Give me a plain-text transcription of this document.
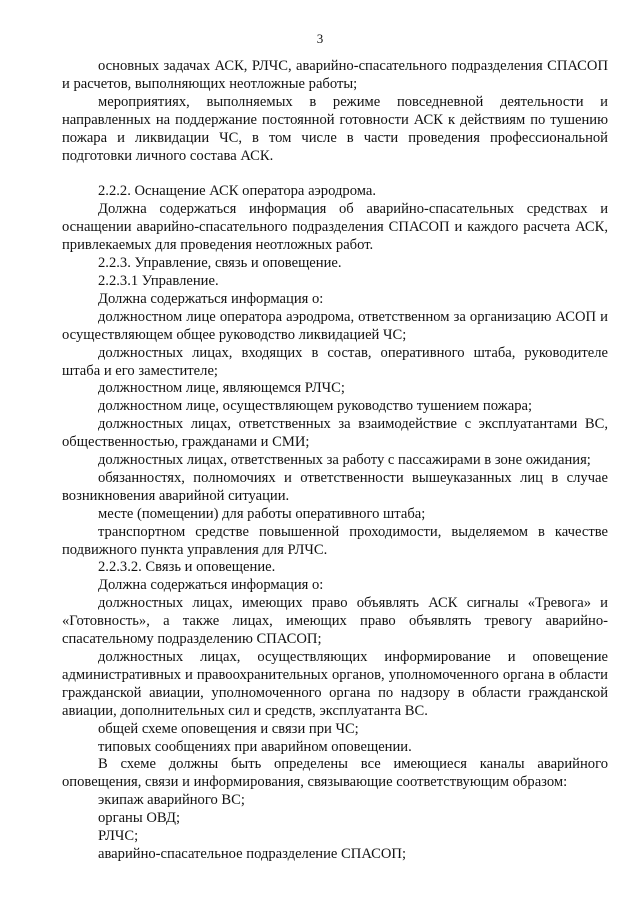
3

основных задачах АСК, РЛЧС, аварийно-спасательного подразделения СПАСОП и расчетов, выполняющих неотложные работы;

мероприятиях, выполняемых в режиме повседневной деятельности и направленных на поддержание постоянной готовности АСК к действиям по тушению пожара и ликвидации ЧС, в том числе в части проведения профессиональной подготовки личного состава АСК.

2.2.2. Оснащение АСК оператора аэродрома.

Должна содержаться информация об аварийно-спасательных средствах и оснащении аварийно-спасательного подразделения СПАСОП и каждого расчета АСК, привлекаемых для проведения неотложных работ.

2.2.3. Управление, связь и оповещение.

2.2.3.1 Управление.

Должна содержаться информация о:

должностном лице оператора аэродрома, ответственном за организацию АСОП и осуществляющем общее руководство ликвидацией ЧС;

должностных лицах, входящих в состав, оперативного штаба, руководителе штаба и его заместителе;

должностном лице, являющемся РЛЧС;

должностном лице, осуществляющем руководство тушением пожара;

должностных лицах, ответственных за взаимодействие с эксплуатантами ВС, общественностью, гражданами и СМИ;

должностных лицах, ответственных за работу с пассажирами в зоне ожидания;

обязанностях, полномочиях и ответственности вышеуказанных лиц в случае возникновения аварийной ситуации.

месте (помещении) для работы оперативного штаба;

транспортном средстве повышенной проходимости, выделяемом в качестве подвижного пункта управления для РЛЧС.

2.2.3.2. Связь и оповещение.

Должна содержаться информация о:

должностных лицах, имеющих право объявлять АСК сигналы «Тревога» и «Готовность», а также лицах, имеющих право объявлять тревогу аварийно-спасательному подразделению СПАСОП;

должностных лицах, осуществляющих информирование и оповещение административных и правоохранительных органов, уполномоченного органа в области гражданской авиации, уполномоченного органа по надзору в области гражданской авиации, дополнительных сил и средств, эксплуатанта ВС.

общей схеме оповещения и связи при ЧС;

типовых сообщениях при аварийном оповещении.

В схеме должны быть определены все имеющиеся каналы аварийного оповещения, связи и информирования, связывающие соответствующим образом:

экипаж аварийного ВС;

органы ОВД;

РЛЧС;

аварийно-спасательное подразделение СПАСОП;
